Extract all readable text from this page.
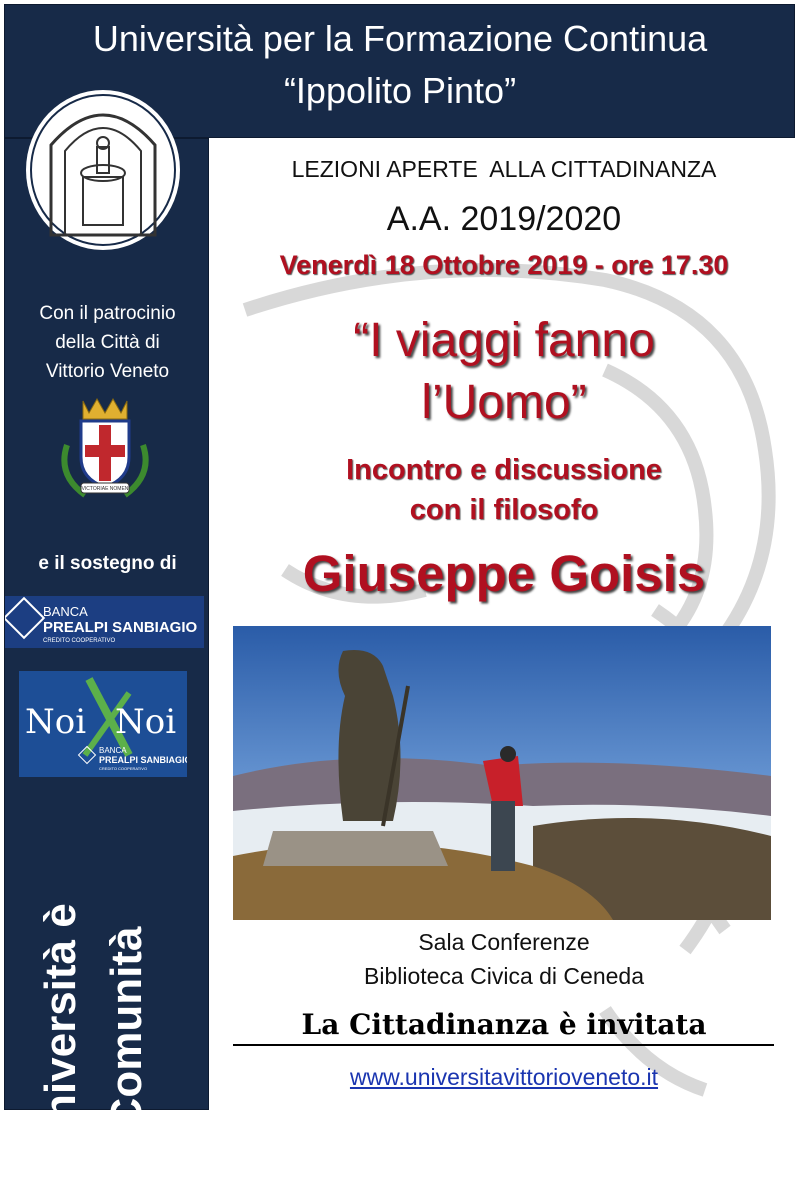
Università per la Formazione Continua
“Ippolito Pinto”
Con il patrocinio
della Città di
Vittorio Veneto
VICTORIAE NOMEN
e il sostegno di
Università è Comunità
BANCA
PREALPI SANBIAGIO
CREDITO COOPERATIVO
Noi Noi
BANCA
PREALPI SANBIAGIO
CREDITO COOPERATIVO
LEZIONI APERTE  ALLA CITTADINANZA
A.A. 2019/2020
Venerdì 18 Ottobre 2019 - ore 17.30
“I viaggi fanno
l’Uomo”
Incontro e discussione
con il filosofo
Giuseppe Goisis
Sala Conferenze
Biblioteca Civica di Ceneda
La Cittadinanza è invitata
www.universitavittorioveneto.it
